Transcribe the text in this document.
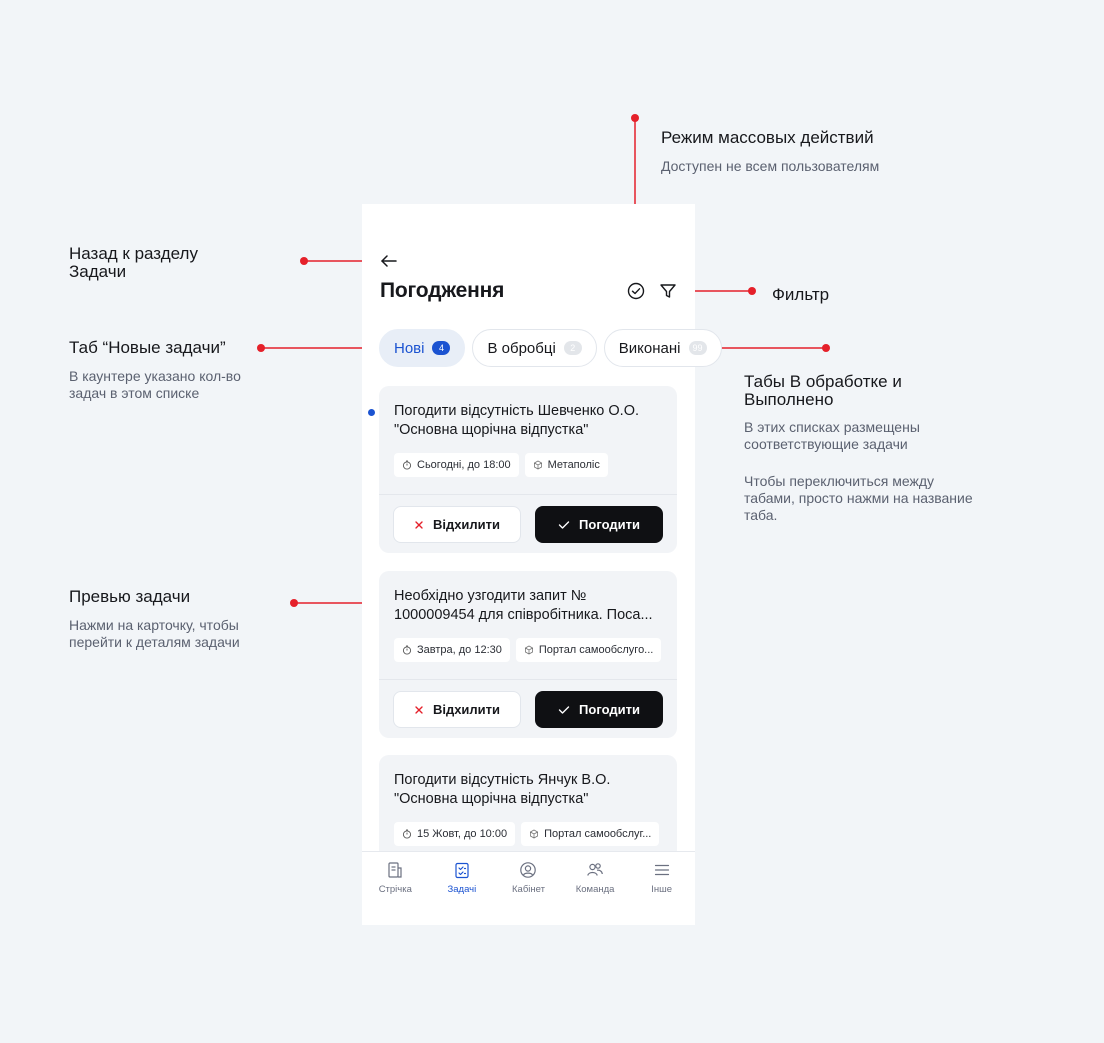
Режим массовых действий
Доступен не всем пользователям
Назад к разделу Задачи
Фильтр
Таб “Новые задачи”
В каунтере указано кол-во задач в этом списке
Табы В обработке и Выполнено
В этих списках размещены соответствующие задачи
Чтобы переключиться между табами, просто нажми на название таба.
Превью задачи
Нажми на карточку, чтобы перейти к деталям задачи
Погодження
Нові	4	В обробці	2	Виконані	99
Погодити відсутність Шевченко О.О.
"Основна щорічна відпустка"
Сьогодні, до 18:00	Метаполіс
Відхилити	Погодити
Необхідно узгодити запит №
1000009454 для співробітника. Поса...
Завтра, до 12:30	Портал самообслуго...
Відхилити	Погодити
Погодити відсутність Янчук В.О.
"Основна щорічна відпустка"
15 Жовт, до 10:00	Портал самообслуг...
Стрічка	Задачі	Кабінет	Команда	Інше
